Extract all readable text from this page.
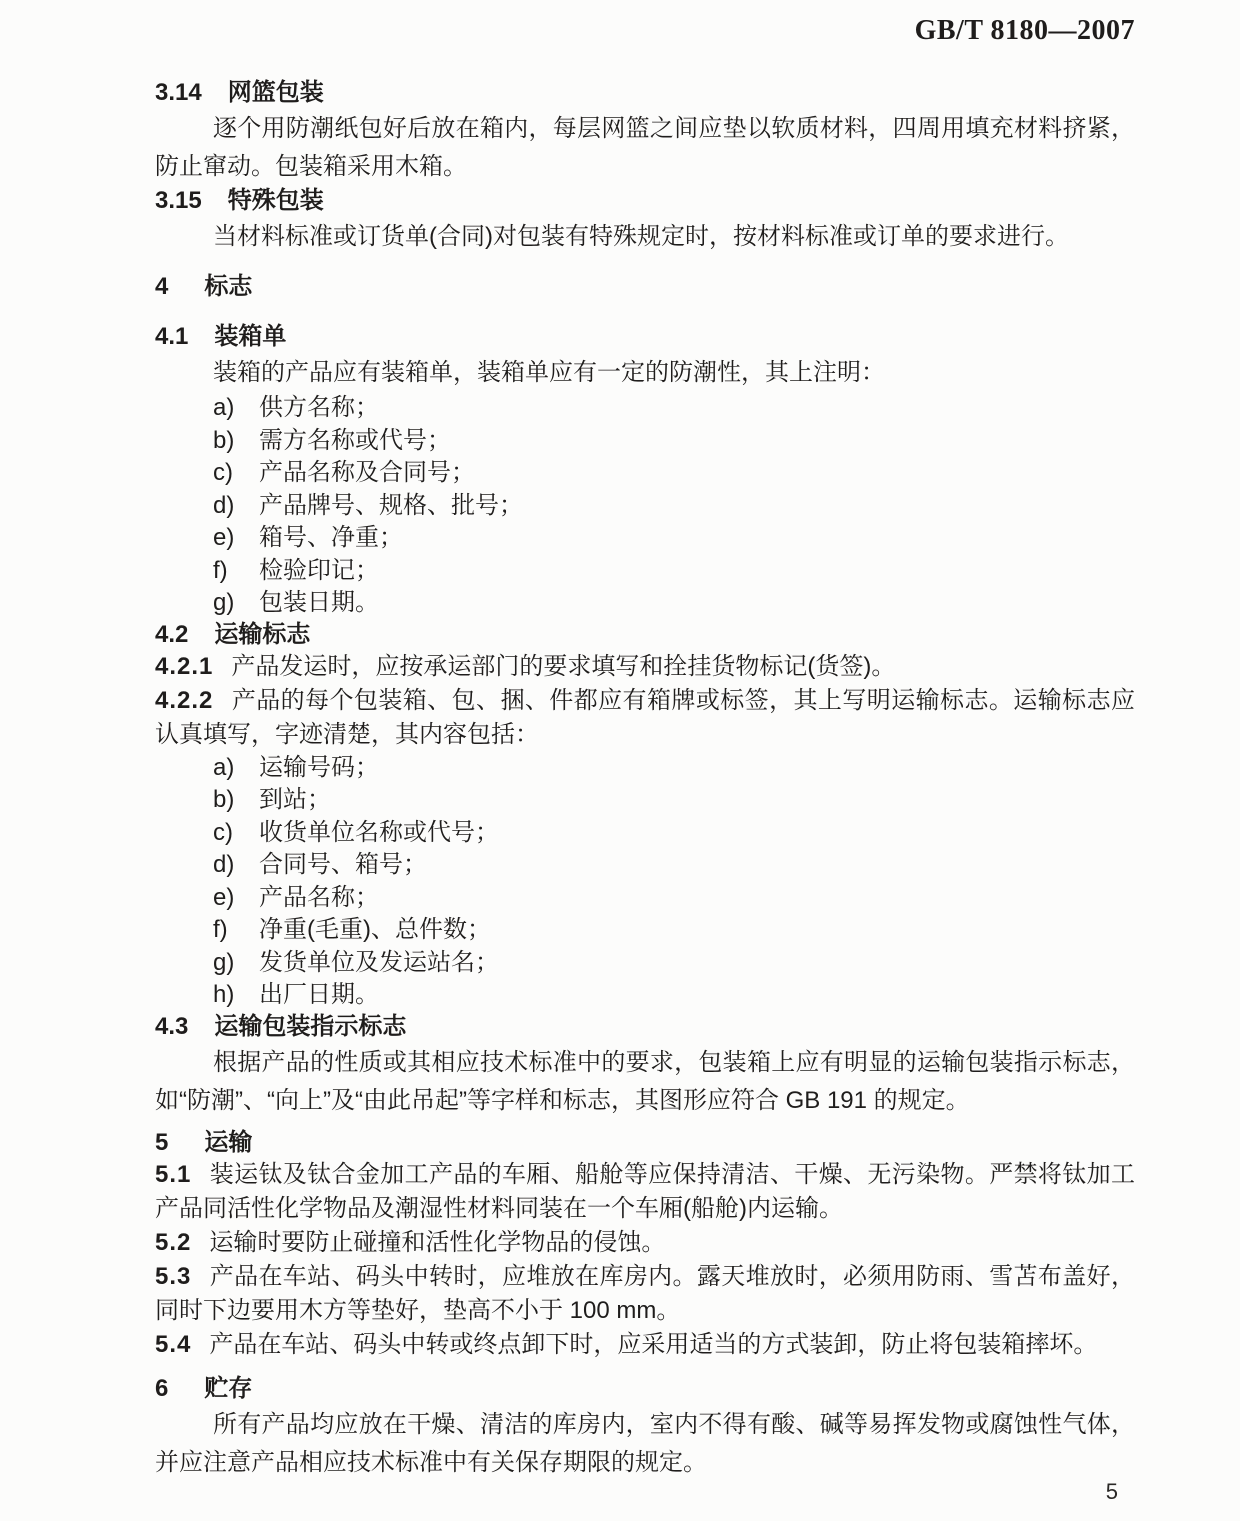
GB/T 8180—2007
3.14 网篮包装

逐个用防潮纸包好后放在箱内，每层网篮之间应垫以软质材料，四周用填充材料挤紧，防止窜动。包装箱采用木箱。

3.15 特殊包装

当材料标准或订货单(合同)对包装有特殊规定时，按材料标准或订单的要求进行。

4 标志
4.1 装箱单

装箱的产品应有装箱单，装箱单应有一定的防潮性，其上注明：

a)	供方名称；
b)	需方名称或代号；
c)	产品名称及合同号；
d)	产品牌号、规格、批号；
e)	箱号、净重；
f)	检验印记；
g)	包装日期。
4.2 运输标志

4.2.1 产品发运时，应按承运部门的要求填写和拴挂货物标记(货签)。

4.2.2 产品的每个包装箱、包、捆、件都应有箱牌或标签，其上写明运输标志。运输标志应认真填写，字迹清楚，其内容包括：

a)	运输号码；
b)	到站；
c)	收货单位名称或代号；
d)	合同号、箱号；
e)	产品名称；
f)	净重(毛重)、总件数；
g)	发货单位及发运站名；
h)	出厂日期。
4.3 运输包装指示标志

根据产品的性质或其相应技术标准中的要求，包装箱上应有明显的运输包装指示标志，如“防潮”、“向上”及“由此吊起”等字样和标志，其图形应符合 GB 191 的规定。

5 运输

5.1 装运钛及钛合金加工产品的车厢、船舱等应保持清洁、干燥、无污染物。严禁将钛加工产品同活性化学物品及潮湿性材料同装在一个车厢(船舱)内运输。

5.2 运输时要防止碰撞和活性化学物品的侵蚀。

5.3 产品在车站、码头中转时，应堆放在库房内。露天堆放时，必须用防雨、雪苫布盖好，同时下边要用木方等垫好，垫高不小于 100 mm。

5.4 产品在车站、码头中转或终点卸下时，应采用适当的方式装卸，防止将包装箱摔坏。

6 贮存

所有产品均应放在干燥、清洁的库房内，室内不得有酸、碱等易挥发物或腐蚀性气体，并应注意产品相应技术标准中有关保存期限的规定。

5
